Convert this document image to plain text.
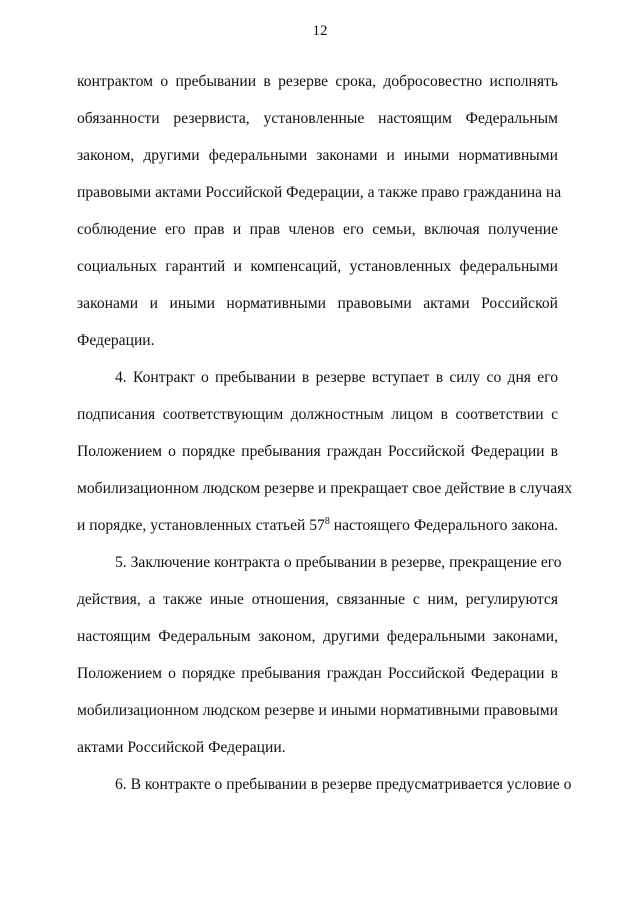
12
контрактом о пребывании в резерве срока, добросовестно исполнять
обязанности резервиста, установленные настоящим Федеральным
законом, другими федеральными законами и иными нормативными
правовыми актами Российской Федерации, а также право гражданина на
соблюдение его прав и прав членов его семьи, включая получение
социальных гарантий и компенсаций, установленных федеральными
законами и иными нормативными правовыми актами Российской
Федерации.
4. Контракт о пребывании в резерве вступает в силу со дня его
подписания соответствующим должностным лицом в соответствии с
Положением о порядке пребывания граждан Российской Федерации в
мобилизационном людском резерве и прекращает свое действие в случаях
и порядке, установленных статьей $57^8$ настоящего Федерального закона.
5. Заключение контракта о пребывании в резерве, прекращение его
действия, а также иные отношения, связанные с ним, регулируются
настоящим Федеральным законом, другими федеральными законами,
Положением о порядке пребывания граждан Российской Федерации в
мобилизационном людском резерве и иными нормативными правовыми
актами Российской Федерации.
6. В контракте о пребывании в резерве предусматривается условие о
